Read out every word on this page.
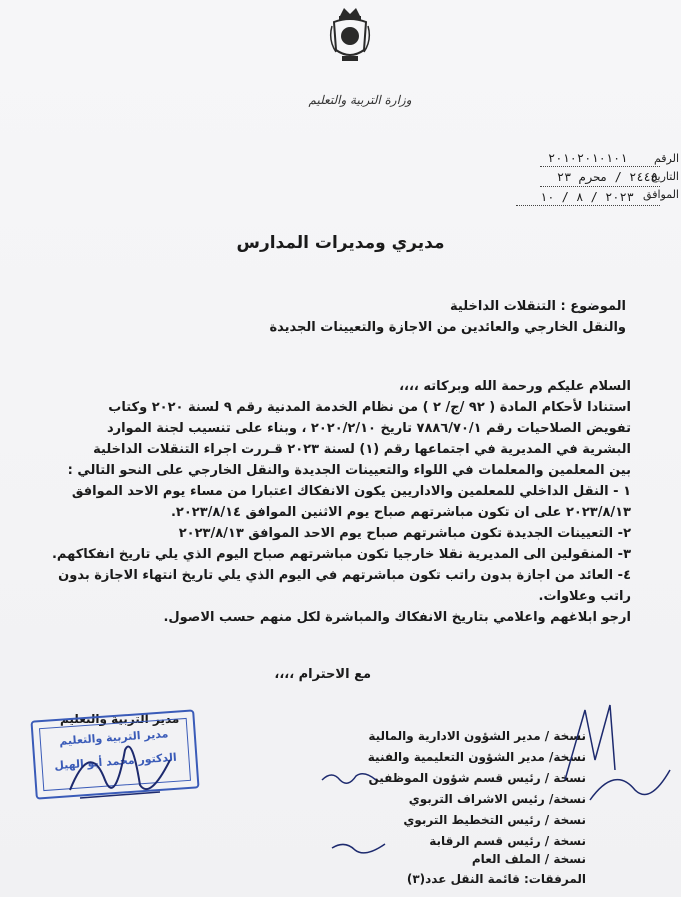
وزارة التربية والتعليم
الرقم
التاريخ
الموافق
٢٠١٠٢٠١٠١٠١
٢٤٤٥ / محرم ٢٣
٢٠٢٣ / ٨ / ١٠
مديري ومديرات المدارس
الموضوع : التنقلات الداخلية
والنقل الخارجي والعائدين من الاجازة والتعيينات الجديدة
السلام عليكم ورحمة الله وبركاته ،،،،
استنادا لأحكام المادة ( ٩٢ /ج/ ٢ ) من نظام الخدمة المدنية رقم ٩ لسنة ٢٠٢٠ وكتاب
تفويض الصلاحيات رقم ٧٨٨٦/٧٠/١ تاريخ ٢٠٢٠/٢/١٠ ، وبناء على تنسيب لجنة الموارد
البشرية في المديرية في اجتماعها رقم (١) لسنة ٢٠٢٣ قـررت اجراء التنقلات الداخلية
بين المعلمين والمعلمات في اللواء والتعيينات الجديدة والنقل الخارجي على النحو التالي :
١ - النقل الداخلي للمعلمين والاداريين يكون الانفكاك اعتبارا من مساء يوم الاحد الموافق
٢٠٢٣/٨/١٣ على ان تكون مباشرتهم صباح يوم الاثنين الموافق ٢٠٢٣/٨/١٤.
٢- التعيينات الجديدة تكون مباشرتهم صباح يوم الاحد الموافق ٢٠٢٣/٨/١٣
٣- المنقولين الى المديرية نقلا خارجيا تكون مباشرتهم صباح اليوم الذي يلي تاريخ انفكاكهم.
٤- العائد من اجازة بدون راتب تكون مباشرتهم في اليوم الذي يلي تاريخ انتهاء الاجازة بدون
راتب وعلاوات.
ارجو ابلاغهم واعلامي بتاريخ الانفكاك والمباشرة لكل منهم حسب الاصول.
مع الاحترام ،،،،
مدير التربية والتعليم
مدير التربية والتعليم
الدكتور محمد أبو الهيل
نسخة / مدير الشؤون الادارية والمالية
نسخة/ مدير الشؤون التعليمية والفنية
نسخة / رئيس قسم شؤون الموظفين
نسخة/ رئيس الاشراف التربوي
نسخة / رئيس التخطيط التربوي
نسخة / رئيس قسم الرقابة
نسخة / الملف العام
المرفقات: قائمة النقل عدد(٣)
